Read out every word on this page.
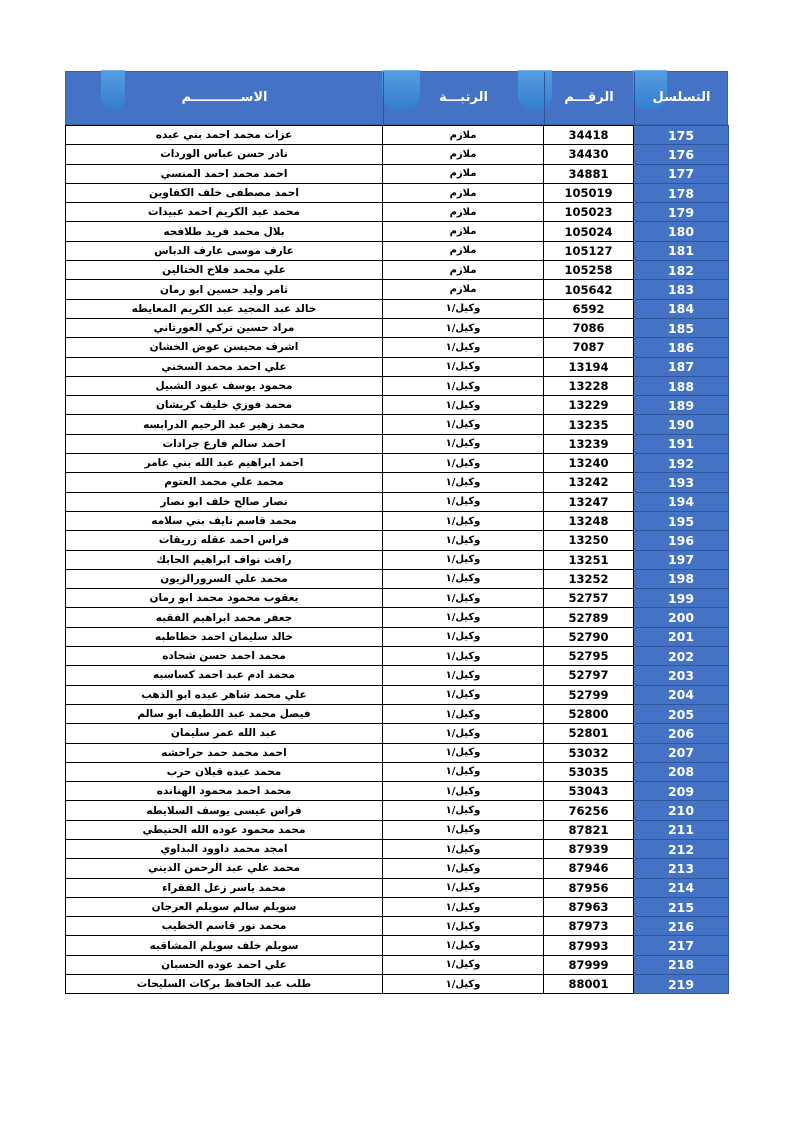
الاســـــــــــم	الرتبـــة	الرقـــم	التسلسل
عزات محمد احمد بني عبده	ملازم	34418	175
نادر حسن عباس الوردات	ملازم	34430	176
احمد محمد احمد المنسي	ملازم	34881	177
احمد مصطفى خلف الكفاوين	ملازم	105019	178
محمد عبد الكريم احمد عبيدات	ملازم	105023	179
بلال محمد فريد طلافحه	ملازم	105024	180
عارف موسى عارف الدباس	ملازم	105127	181
علي محمد فلاح الختالين	ملازم	105258	182
ثامر وليد حسين ابو رمان	ملازم	105642	183
خالد عبد المجيد عبد الكريم المعايطه	وكيل/١	6592	184
مراد حسين تركي العورتاني	وكيل/١	7086	185
اشرف محيسن عوض الخشان	وكيل/١	7087	186
علي احمد محمد السخني	وكيل/١	13194	187
محمود يوسف عيود الشبيل	وكيل/١	13228	188
محمد فوزي خليف كريشان	وكيل/١	13229	189
محمد زهير عبد الرحيم الدرابسه	وكيل/١	13235	190
احمد سالم فارع جرادات	وكيل/١	13239	191
احمد ابراهيم عبد الله بني عامر	وكيل/١	13240	192
محمد علي محمد العتوم	وكيل/١	13242	193
نصار صالح خلف ابو نصار	وكيل/١	13247	194
محمد قاسم نايف بني سلامه	وكيل/١	13248	195
فراس احمد عقله زريقات	وكيل/١	13250	196
رافت نواف ابراهيم الحابك	وكيل/١	13251	197
محمد علي السرورالزيون	وكيل/١	13252	198
يعقوب محمود محمد ابو رمان	وكيل/١	52757	199
جعفر محمد ابراهيم الفقيه	وكيل/١	52789	200
خالد سليمان احمد خطاطبه	وكيل/١	52790	201
محمد احمد حسن شحاده	وكيل/١	52795	202
محمد ادم عبد احمد كساسبه	وكيل/١	52797	203
علي محمد شاهر عبده ابو الذهب	وكيل/١	52799	204
فيصل محمد عبد اللطيف ابو سالم	وكيل/١	52800	205
عبد الله عمر سليمان	وكيل/١	52801	206
احمد محمد حمد حراحشه	وكيل/١	53032	207
محمد عبده قبلان حرب	وكيل/١	53035	208
محمد احمد محمود الهنانده	وكيل/١	53043	209
فراس عيسى يوسف السلايطه	وكيل/١	76256	210
محمد محمود عوده الله الحنيطي	وكيل/١	87821	211
امجد محمد داوود البداوي	وكيل/١	87939	212
محمد علي عبد الرحمن الديني	وكيل/١	87946	213
محمد ياسر زعل الفقراء	وكيل/١	87956	214
سويلم سالم سويلم العرجان	وكيل/١	87963	215
محمد نور قاسم الخطيب	وكيل/١	87973	216
سويلم خلف سويلم المشاقبه	وكيل/١	87993	217
علي احمد عوده الحسبان	وكيل/١	87999	218
طلب عبد الحافظ بركات السليحات	وكيل/١	88001	219
